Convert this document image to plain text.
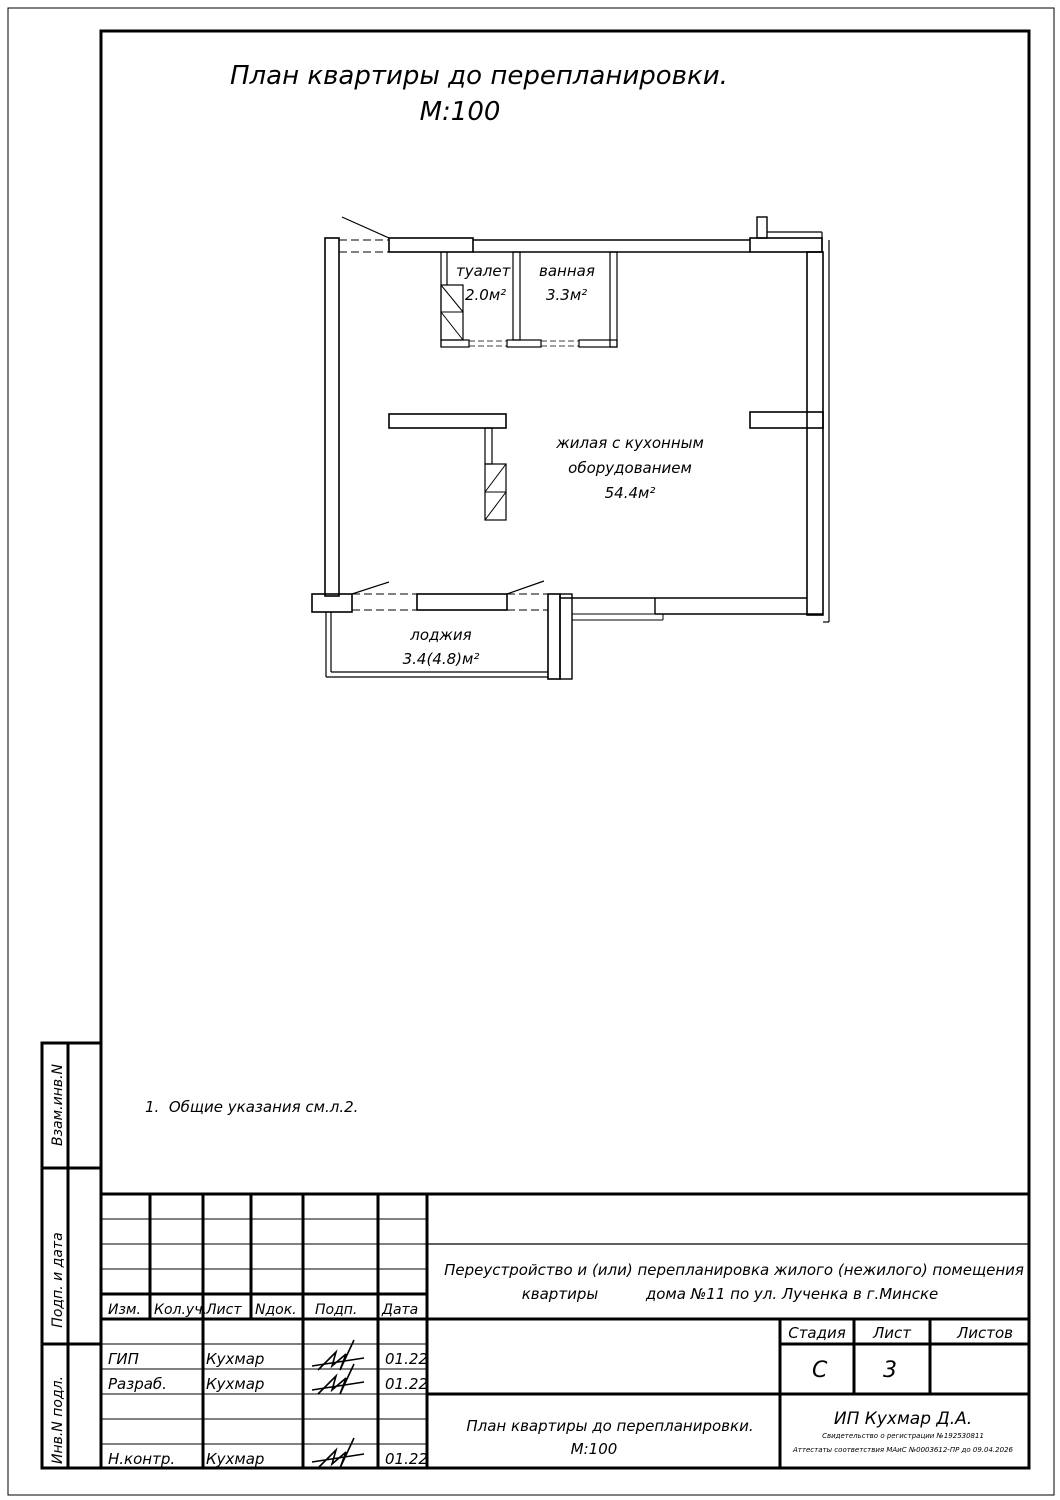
туалет
2.0м²
ванная
3.3м²
жилая с кухонным
оборудованием
54.4м²
лоджия
3.4(4.8)м²
Взам.инв.N
Подп. и дата
Инв.N подл.
Изм. Кол.уч. Лист Nдок. Подп. Дата
ГИП	Кухмар	01.22
Разраб.	Кухмар	01.22
Н.контр. Кухмар	01.22
Переустройство и (или) перепланировка жилого (нежилого) помещения
квартиры          дома №11 по ул. Лученка в г.Минске
Стадия Лист	Листов
С	3
План квартиры до перепланировки.
М:100
ИП Кухмар Д.А.
Свидетельство о регистрации №192530811
Аттестаты соответствия МАиС №0003612-ПР до 09.04.2026
План квартиры до перепланировки.
М:100
1.  Общие указания см.л.2.
